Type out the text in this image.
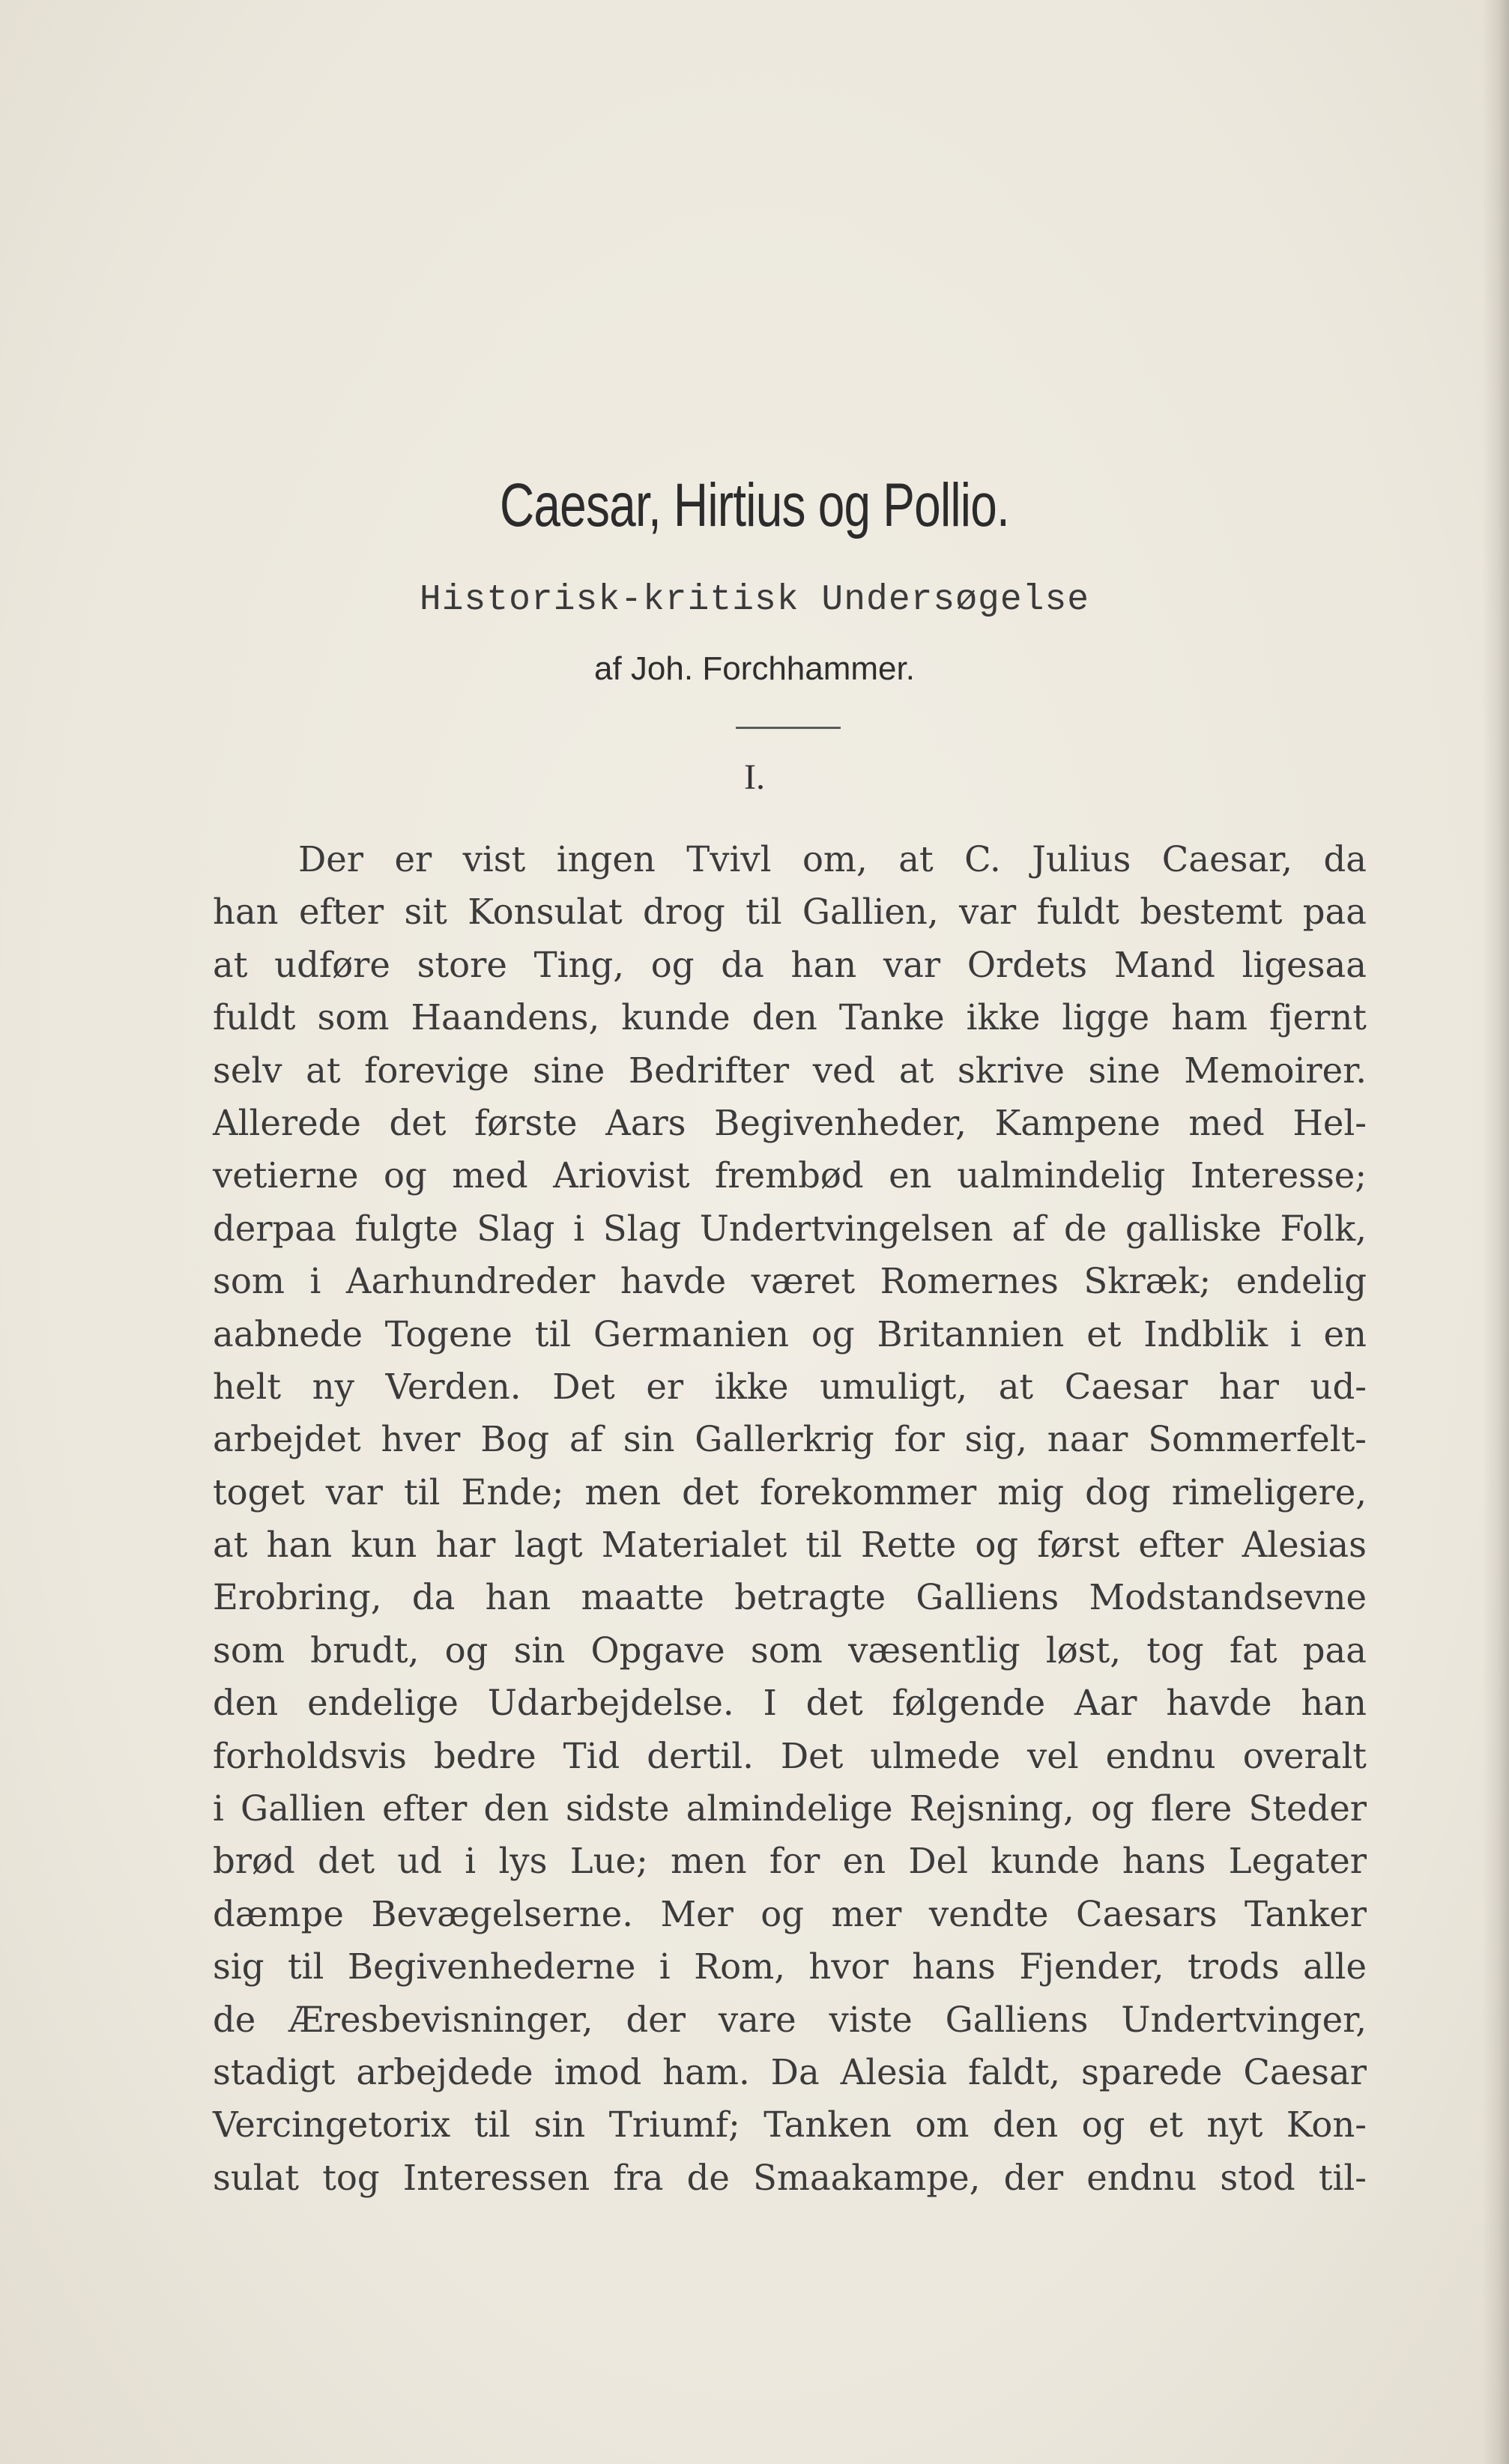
Caesar, Hirtius og Pollio.
Historisk-kritisk Undersøgelse
af Joh. Forchhammer.
I.
Der er vist ingen Tvivl om, at C. Julius Caesar, da
han efter sit Konsulat drog til Gallien, var fuldt bestemt paa
at udføre store Ting, og da han var Ordets Mand ligesaa
fuldt som Haandens, kunde den Tanke ikke ligge ham fjernt
selv at forevige sine Bedrifter ved at skrive sine Memoirer.
Allerede det første Aars Begivenheder, Kampene med Hel-
vetierne og med Ariovist frembød en ualmindelig Interesse;
derpaa fulgte Slag i Slag Undertvingelsen af de galliske Folk,
som i Aarhundreder havde været Romernes Skræk; endelig
aabnede Togene til Germanien og Britannien et Indblik i en
helt ny Verden. Det er ikke umuligt, at Caesar har ud-
arbejdet hver Bog af sin Gallerkrig for sig, naar Sommerfelt-
toget var til Ende; men det forekommer mig dog rimeligere,
at han kun har lagt Materialet til Rette og først efter Alesias
Erobring, da han maatte betragte Galliens Modstandsevne
som brudt, og sin Opgave som væsentlig løst, tog fat paa
den endelige Udarbejdelse. I det følgende Aar havde han
forholdsvis bedre Tid dertil. Det ulmede vel endnu overalt
i Gallien efter den sidste almindelige Rejsning, og flere Steder
brød det ud i lys Lue; men for en Del kunde hans Legater
dæmpe Bevægelserne. Mer og mer vendte Caesars Tanker
sig til Begivenhederne i Rom, hvor hans Fjender, trods alle
de Æresbevisninger, der vare viste Galliens Undertvinger,
stadigt arbejdede imod ham. Da Alesia faldt, sparede Caesar
Vercingetorix til sin Triumf; Tanken om den og et nyt Kon-
sulat tog Interessen fra de Smaakampe, der endnu stod til-
